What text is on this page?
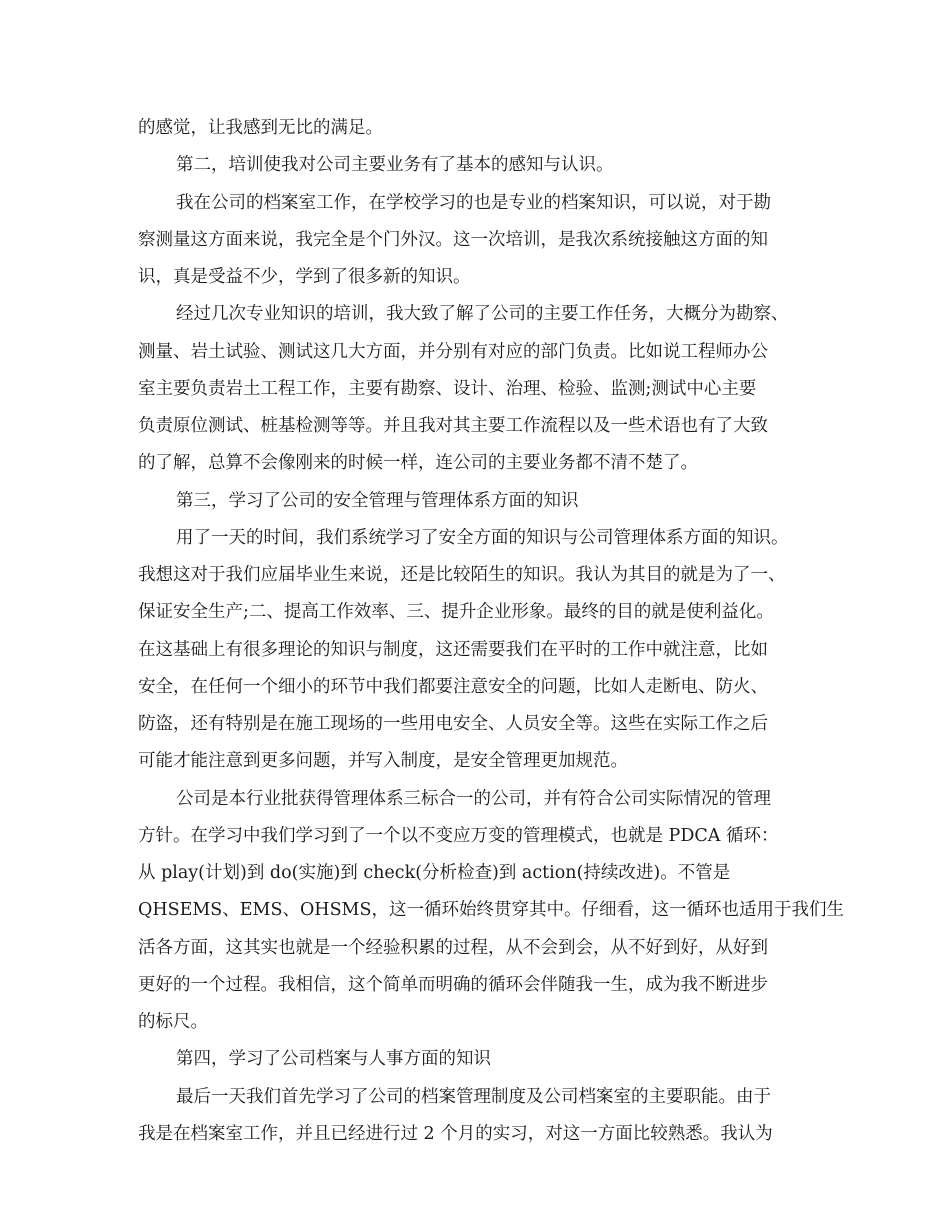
的感觉，让我感到无比的满足。
第二，培训使我对公司主要业务有了基本的感知与认识。
我在公司的档案室工作，在学校学习的也是专业的档案知识，可以说，对于勘
察测量这方面来说，我完全是个门外汉。这一次培训，是我次系统接触这方面的知
识，真是受益不少，学到了很多新的知识。
经过几次专业知识的培训，我大致了解了公司的主要工作任务，大概分为勘察、
测量、岩土试验、测试这几大方面，并分别有对应的部门负责。比如说工程师办公
室主要负责岩土工程工作，主要有勘察、设计、治理、检验、监测;测试中心主要
负责原位测试、桩基检测等等。并且我对其主要工作流程以及一些术语也有了大致
的了解，总算不会像刚来的时候一样，连公司的主要业务都不清不楚了。
第三，学习了公司的安全管理与管理体系方面的知识
用了一天的时间，我们系统学习了安全方面的知识与公司管理体系方面的知识。
我想这对于我们应届毕业生来说，还是比较陌生的知识。我认为其目的就是为了一、
保证安全生产;二、提高工作效率、三、提升企业形象。最终的目的就是使利益化。
在这基础上有很多理论的知识与制度，这还需要我们在平时的工作中就注意，比如
安全，在任何一个细小的环节中我们都要注意安全的问题，比如人走断电、防火、
防盗，还有特别是在施工现场的一些用电安全、人员安全等。这些在实际工作之后
可能才能注意到更多问题，并写入制度，是安全管理更加规范。
公司是本行业批获得管理体系三标合一的公司，并有符合公司实际情况的管理
方针。在学习中我们学习到了一个以不变应万变的管理模式，也就是 PDCA 循环：
从 play(计划)到 do(实施)到 check(分析检查)到 action(持续改进)。不管是
QHSEMS、EMS、OHSMS，这一循环始终贯穿其中。仔细看，这一循环也适用于我们生
活各方面，这其实也就是一个经验积累的过程，从不会到会，从不好到好，从好到
更好的一个过程。我相信，这个简单而明确的循环会伴随我一生，成为我不断进步
的标尺。
第四，学习了公司档案与人事方面的知识
最后一天我们首先学习了公司的档案管理制度及公司档案室的主要职能。由于
我是在档案室工作，并且已经进行过 2 个月的实习，对这一方面比较熟悉。我认为
